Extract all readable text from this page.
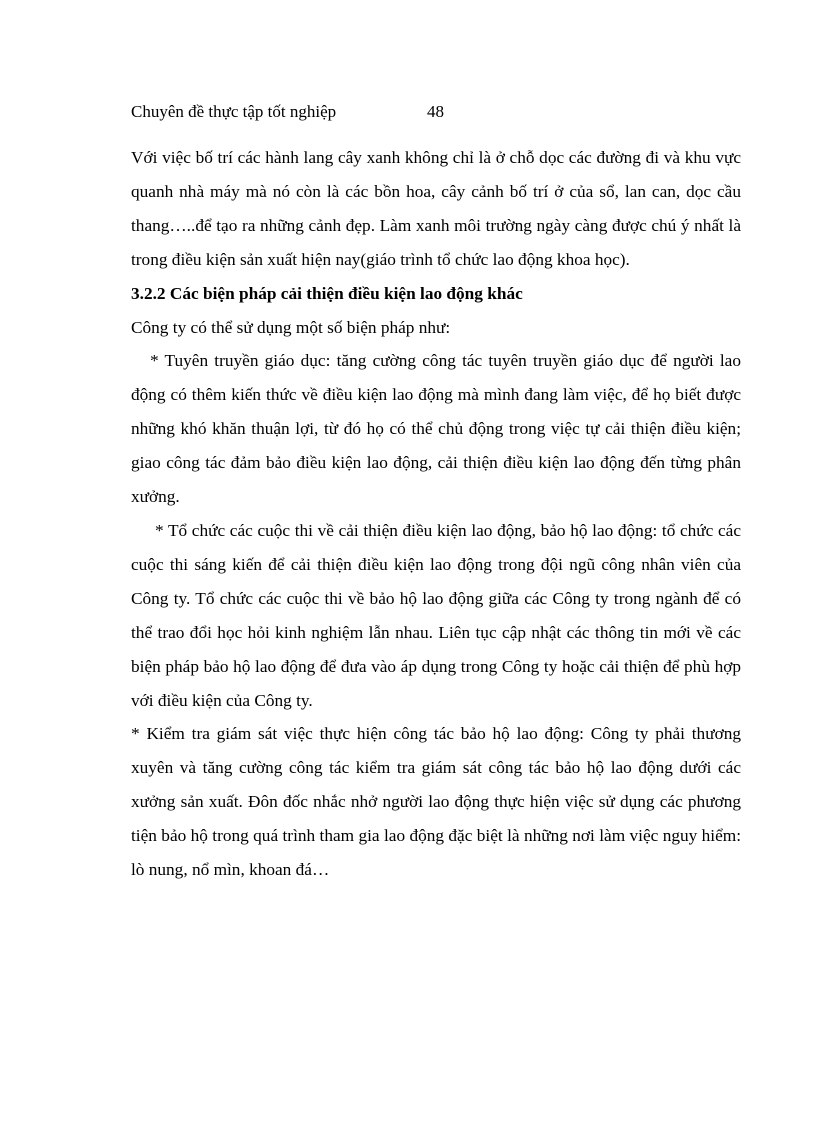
Chuyên đề thực tập tốt nghiệp	48

Với việc bố trí các hành lang cây xanh không chỉ là ở chỗ dọc các đường đi và khu vực quanh nhà máy mà nó còn là các bồn hoa, cây cảnh bố trí ở của sổ, lan can, dọc cầu thang…..để tạo ra những cảnh đẹp. Làm xanh môi trường ngày càng được chú ý nhất là trong điều kiện sản xuất hiện nay(giáo trình tổ chức lao động khoa học).

3.2.2 Các biện pháp cải thiện điều kiện lao động khác

Công ty có thể sử dụng một số biện pháp như:

* Tuyên truyền giáo dục: tăng cường công tác tuyên truyền giáo dục để người lao động có thêm kiến thức về điều kiện lao động mà mình đang làm việc, để họ biết được những khó khăn thuận lợi, từ đó họ có thể chủ động trong việc tự cải thiện điều kiện; giao công tác đảm bảo điều kiện lao động, cải thiện điều kiện lao động đến từng phân xưởng.

* Tổ chức các cuộc thi về cải thiện điều kiện lao động, bảo hộ lao động: tổ chức các cuộc thi sáng kiến để cải thiện điều kiện lao động trong đội ngũ công nhân viên của Công ty. Tổ chức các cuộc thi về bảo hộ lao động giữa các Công ty trong ngành để có thể trao đổi học hỏi kinh nghiệm lẫn nhau. Liên tục cập nhật các thông tin mới về các biện pháp bảo hộ lao động để đưa vào áp dụng trong Công ty hoặc cải thiện để phù hợp với điều kiện của Công ty.

* Kiểm tra giám sát việc thực hiện công tác bảo hộ lao động: Công ty phải thương xuyên và tăng cường công tác kiểm tra giám sát công tác bảo hộ lao động dưới các xưởng sản xuất. Đôn đốc nhắc nhở người lao động thực hiện việc sử dụng các phương tiện bảo hộ trong quá trình tham gia lao động đặc biệt là những nơi làm việc nguy hiểm: lò nung, nổ mìn, khoan đá…
